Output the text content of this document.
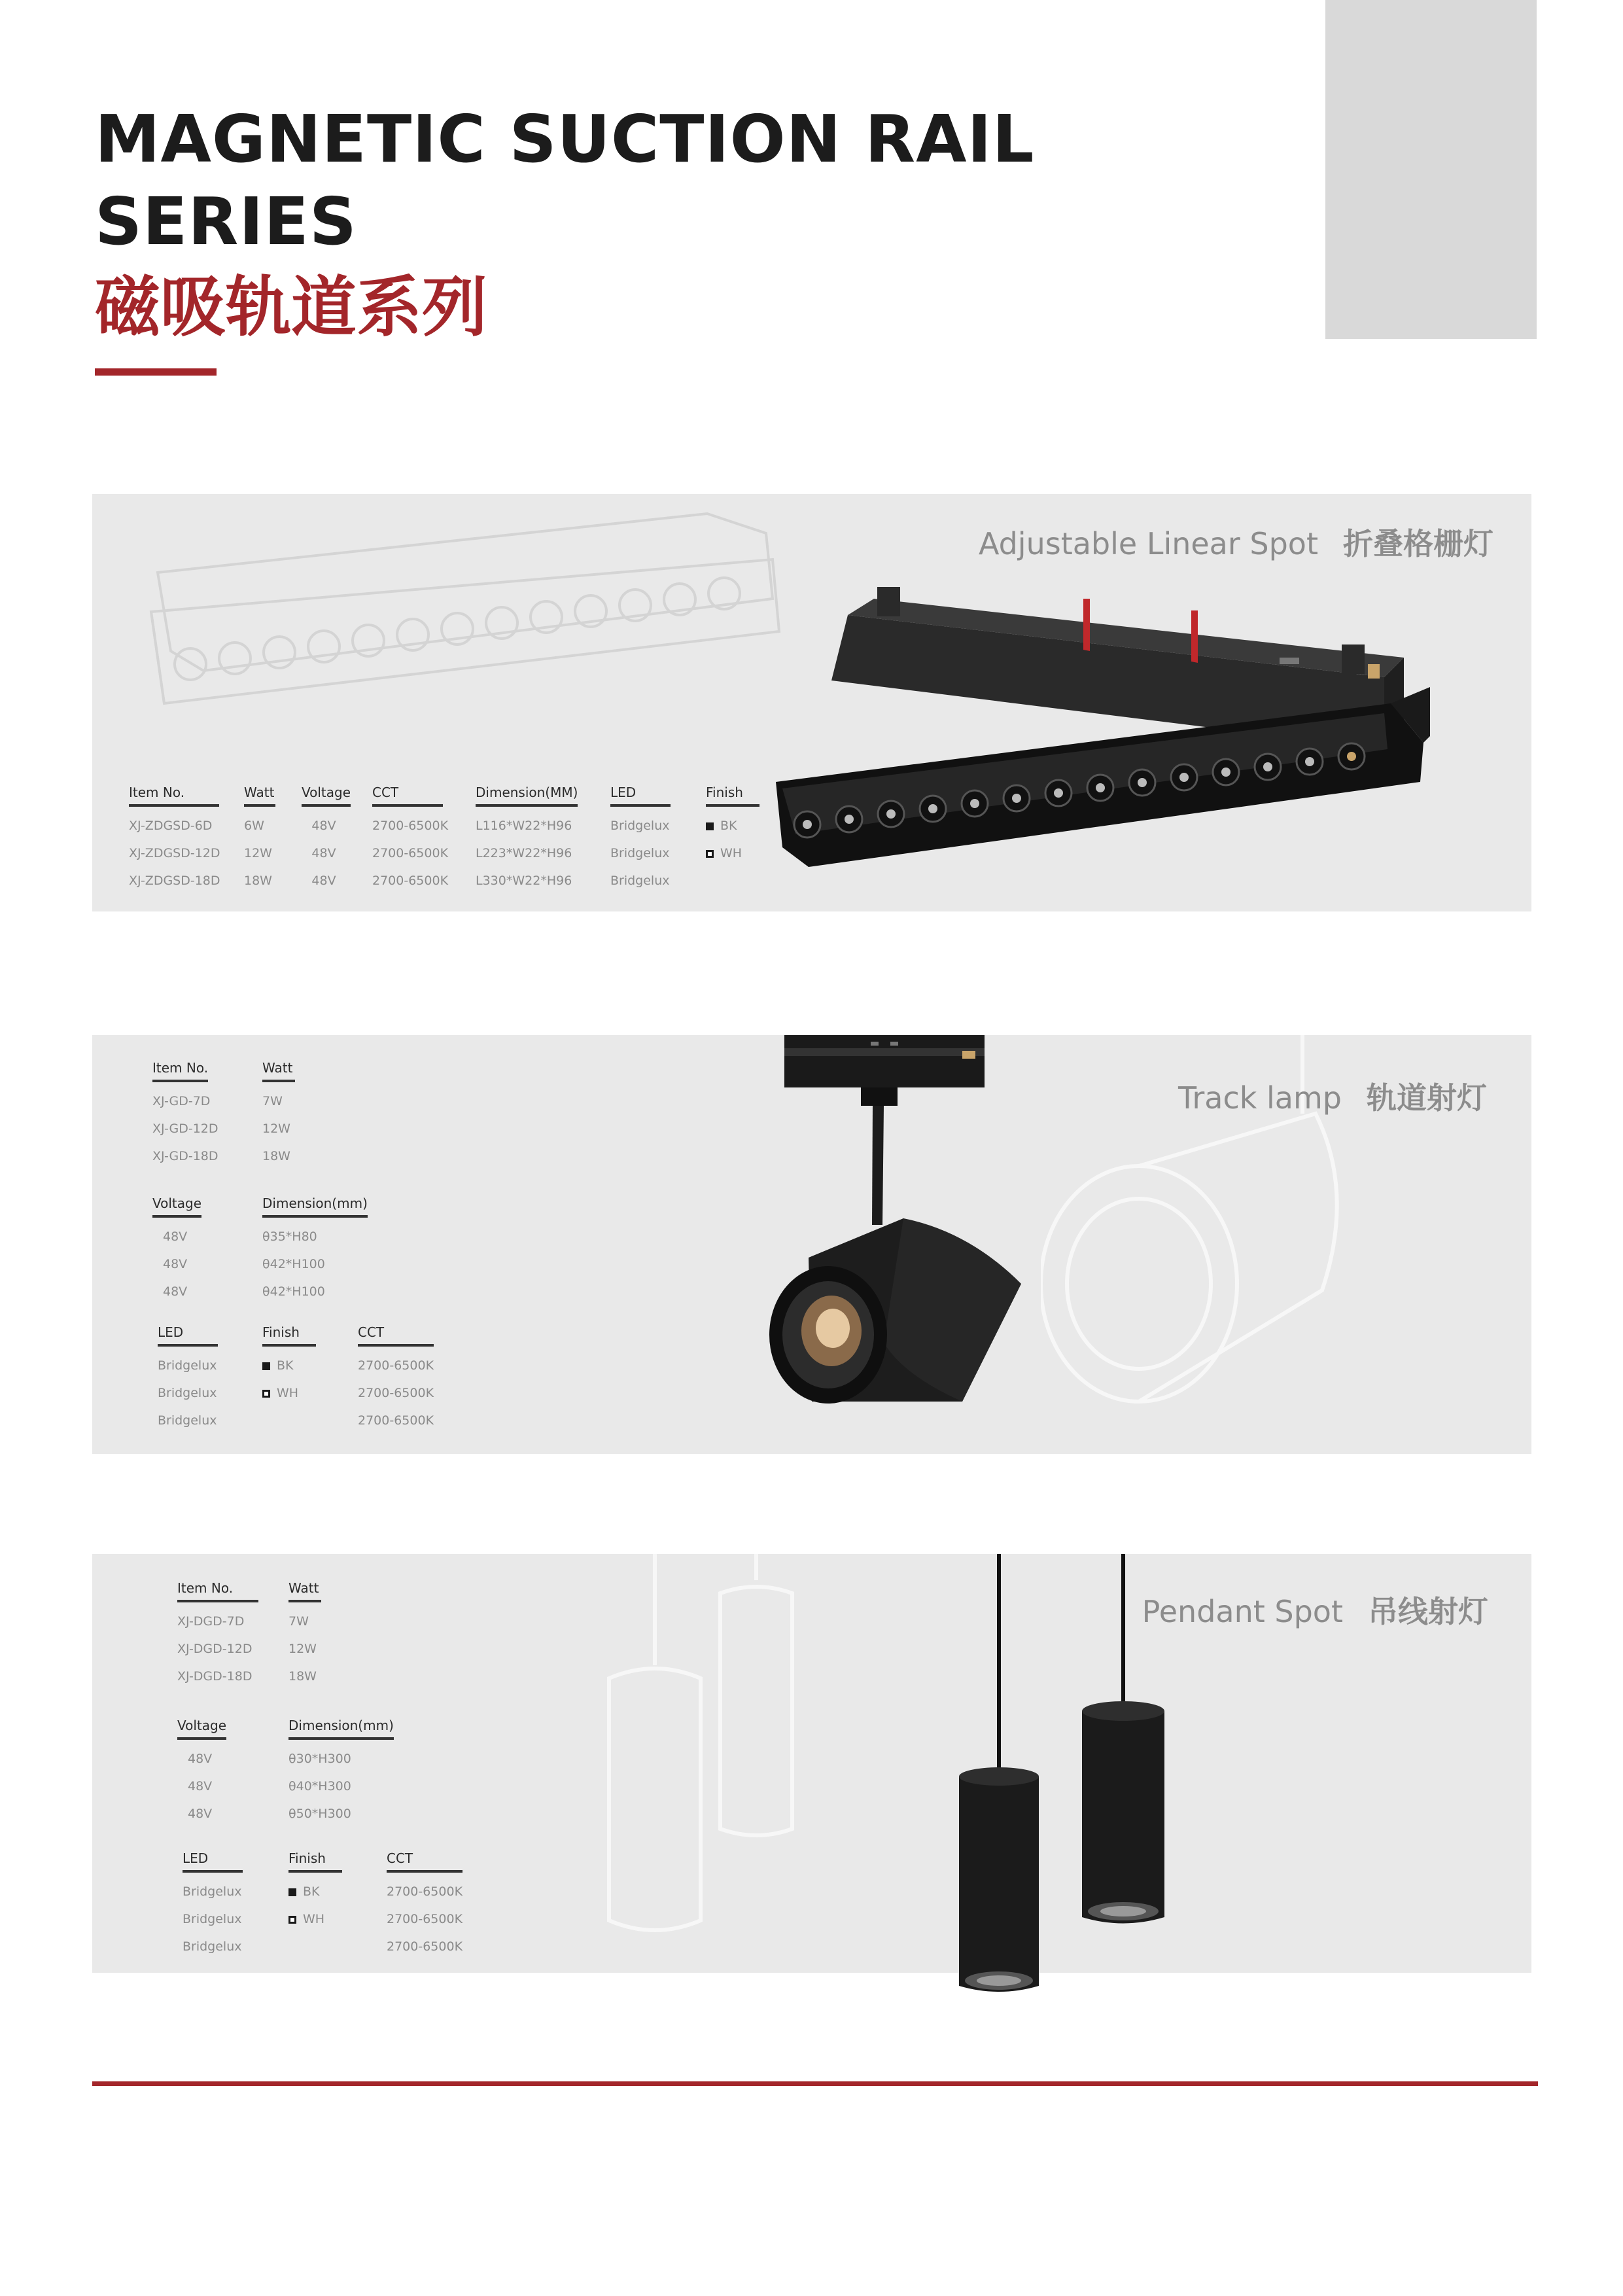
MAGNETIC SUCTION RAIL
SERIES
磁吸轨道系列
Adjustable Linear Spot 折叠格栅灯
Item No.
XJ-ZDGSD-6D
XJ-ZDGSD-12D
XJ-ZDGSD-18D
Watt
6W
12W
18W
Voltage
48V
48V
48V
CCT
2700-6500K
2700-6500K
2700-6500K
Dimension(MM)
L116*W22*H96
L223*W22*H96
L330*W22*H96
LED
Bridgelux
Bridgelux
Bridgelux
Finish
BK
WH
Track lamp 轨道射灯
Item No.
XJ-GD-7D
XJ-GD-12D
XJ-GD-18D
Watt
7W
12W
18W
Voltage
48V
48V
48V
Dimension(mm)
θ35*H80
θ42*H100
θ42*H100
LED
Bridgelux
Bridgelux
Bridgelux
Finish
BK
WH
CCT
2700-6500K
2700-6500K
2700-6500K
Pendant Spot 吊线射灯
Item No.
XJ-DGD-7D
XJ-DGD-12D
XJ-DGD-18D
Watt
7W
12W
18W
Voltage
48V
48V
48V
Dimension(mm)
θ30*H300
θ40*H300
θ50*H300
LED
Bridgelux
Bridgelux
Bridgelux
Finish
BK
WH
CCT
2700-6500K
2700-6500K
2700-6500K
